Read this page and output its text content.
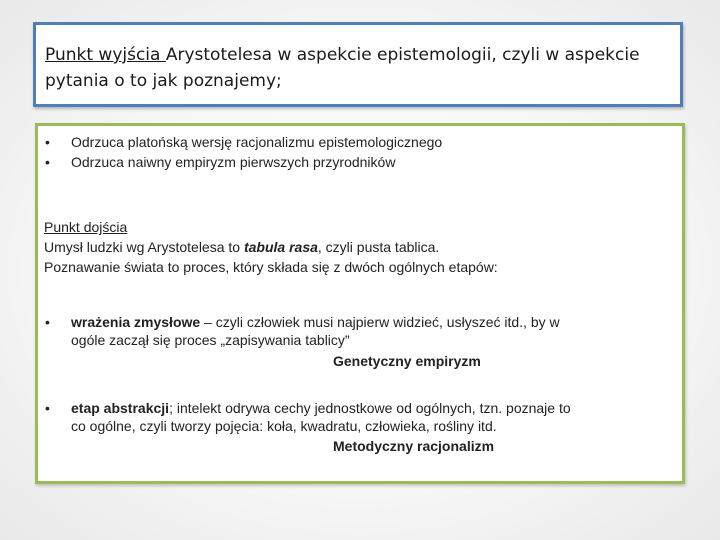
Punkt wyjścia Arystotelesa w aspekcie epistemologii, czyli w aspekcie
pytania o to jak poznajemy;
• Odrzuca platońską wersję racjonalizmu epistemologicznego
• Odrzuca naiwny empiryzm pierwszych przyrodników
Punkt dojścia
Umysł ludzki wg Arystotelesa to tabula rasa, czyli pusta tablica.
Poznawanie świata to proces, który składa się z dwóch ogólnych etapów:
• wrażenia zmysłowe – czyli człowiek musi najpierw widzieć, usłyszeć itd., by w
ogóle zaczął się proces „zapisywania tablicy”
Genetyczny empiryzm
• etap abstrakcji; intelekt odrywa cechy jednostkowe od ogólnych, tzn. poznaje to
co ogólne, czyli tworzy pojęcia: koła, kwadratu, człowieka, rośliny itd.
Metodyczny racjonalizm
